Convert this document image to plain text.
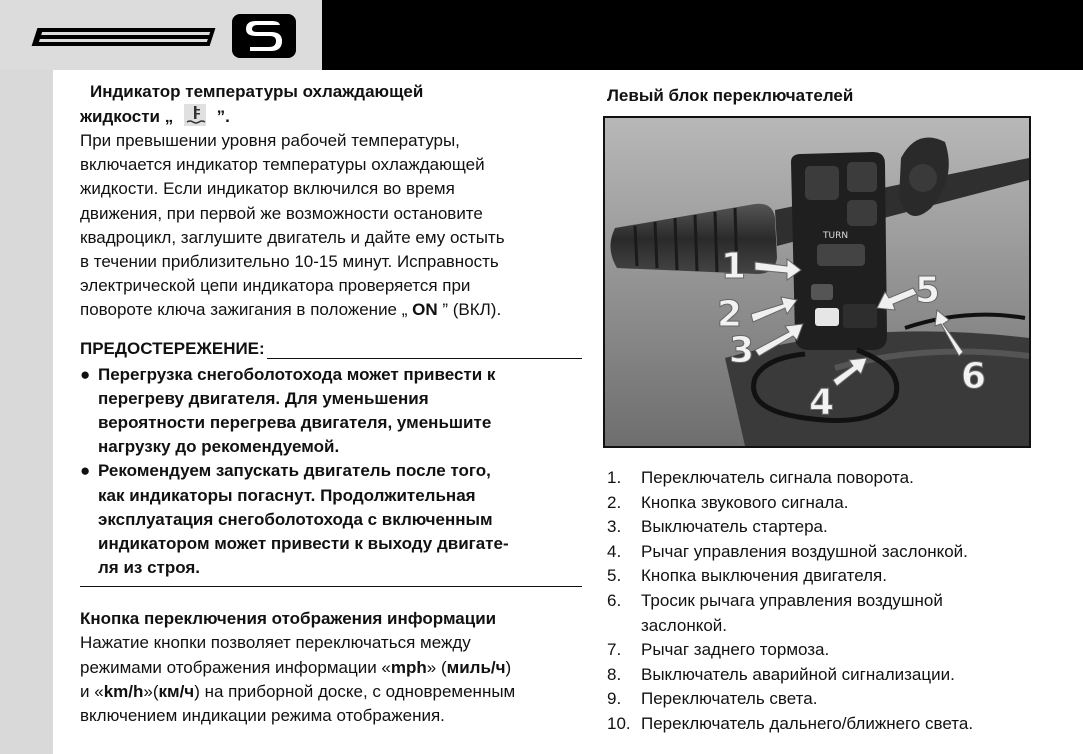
Индикатор температуры охлаждающей

жидкости „  ”.

При превышении уровня рабочей температуры,

включается индикатор температуры охлаждающей

жидкости. Если индикатор включился во время

движения, при первой же возможности остановите

квадроцикл, заглушите двигатель и дайте ему остыть

в течении приблизительно 10-15 минут. Исправность

электрической цепи индикатора проверяется при

повороте ключа зажигания в положение „ ON ” (ВКЛ).

ПРЕДОСТЕРЕЖЕНИЕ:
● Перегрузка снегоболотохода может привести к
перегреву двигателя. Для уменьшения
вероятности перегрева двигателя, уменьшите
нагрузку до рекомендуемой.
● Рекомендуем запускать двигатель после того,
как индикаторы погаснут. Продолжительная
эксплуатация снегоболотохода с включенным
индикатором может привести к выходу двигате-
ля из строя.

Кнопка переключения отображения информации

Нажатие кнопки позволяет переключаться между

режимами отображения информации «mph» (миль/ч)

и «km/h»(км/ч) на приборной доске, с одновременным

включением индикации режима отображения.

Левый блок переключателей

TURN
1
2
3
4
5
6
1.	Переключатель сигнала поворота.
2.	Кнопка звукового сигнала.
3.	Выключатель стартера.
4.	Рычаг управления воздушной заслонкой.
5.	Кнопка выключения двигателя.
6.	Тросик рычага управления воздушной заслонкой.
7.	Рычаг заднего тормоза.
8.	Выключатель аварийной сигнализации.
9.	Переключатель света.
10. Переключатель дальнего/ближнего света.
